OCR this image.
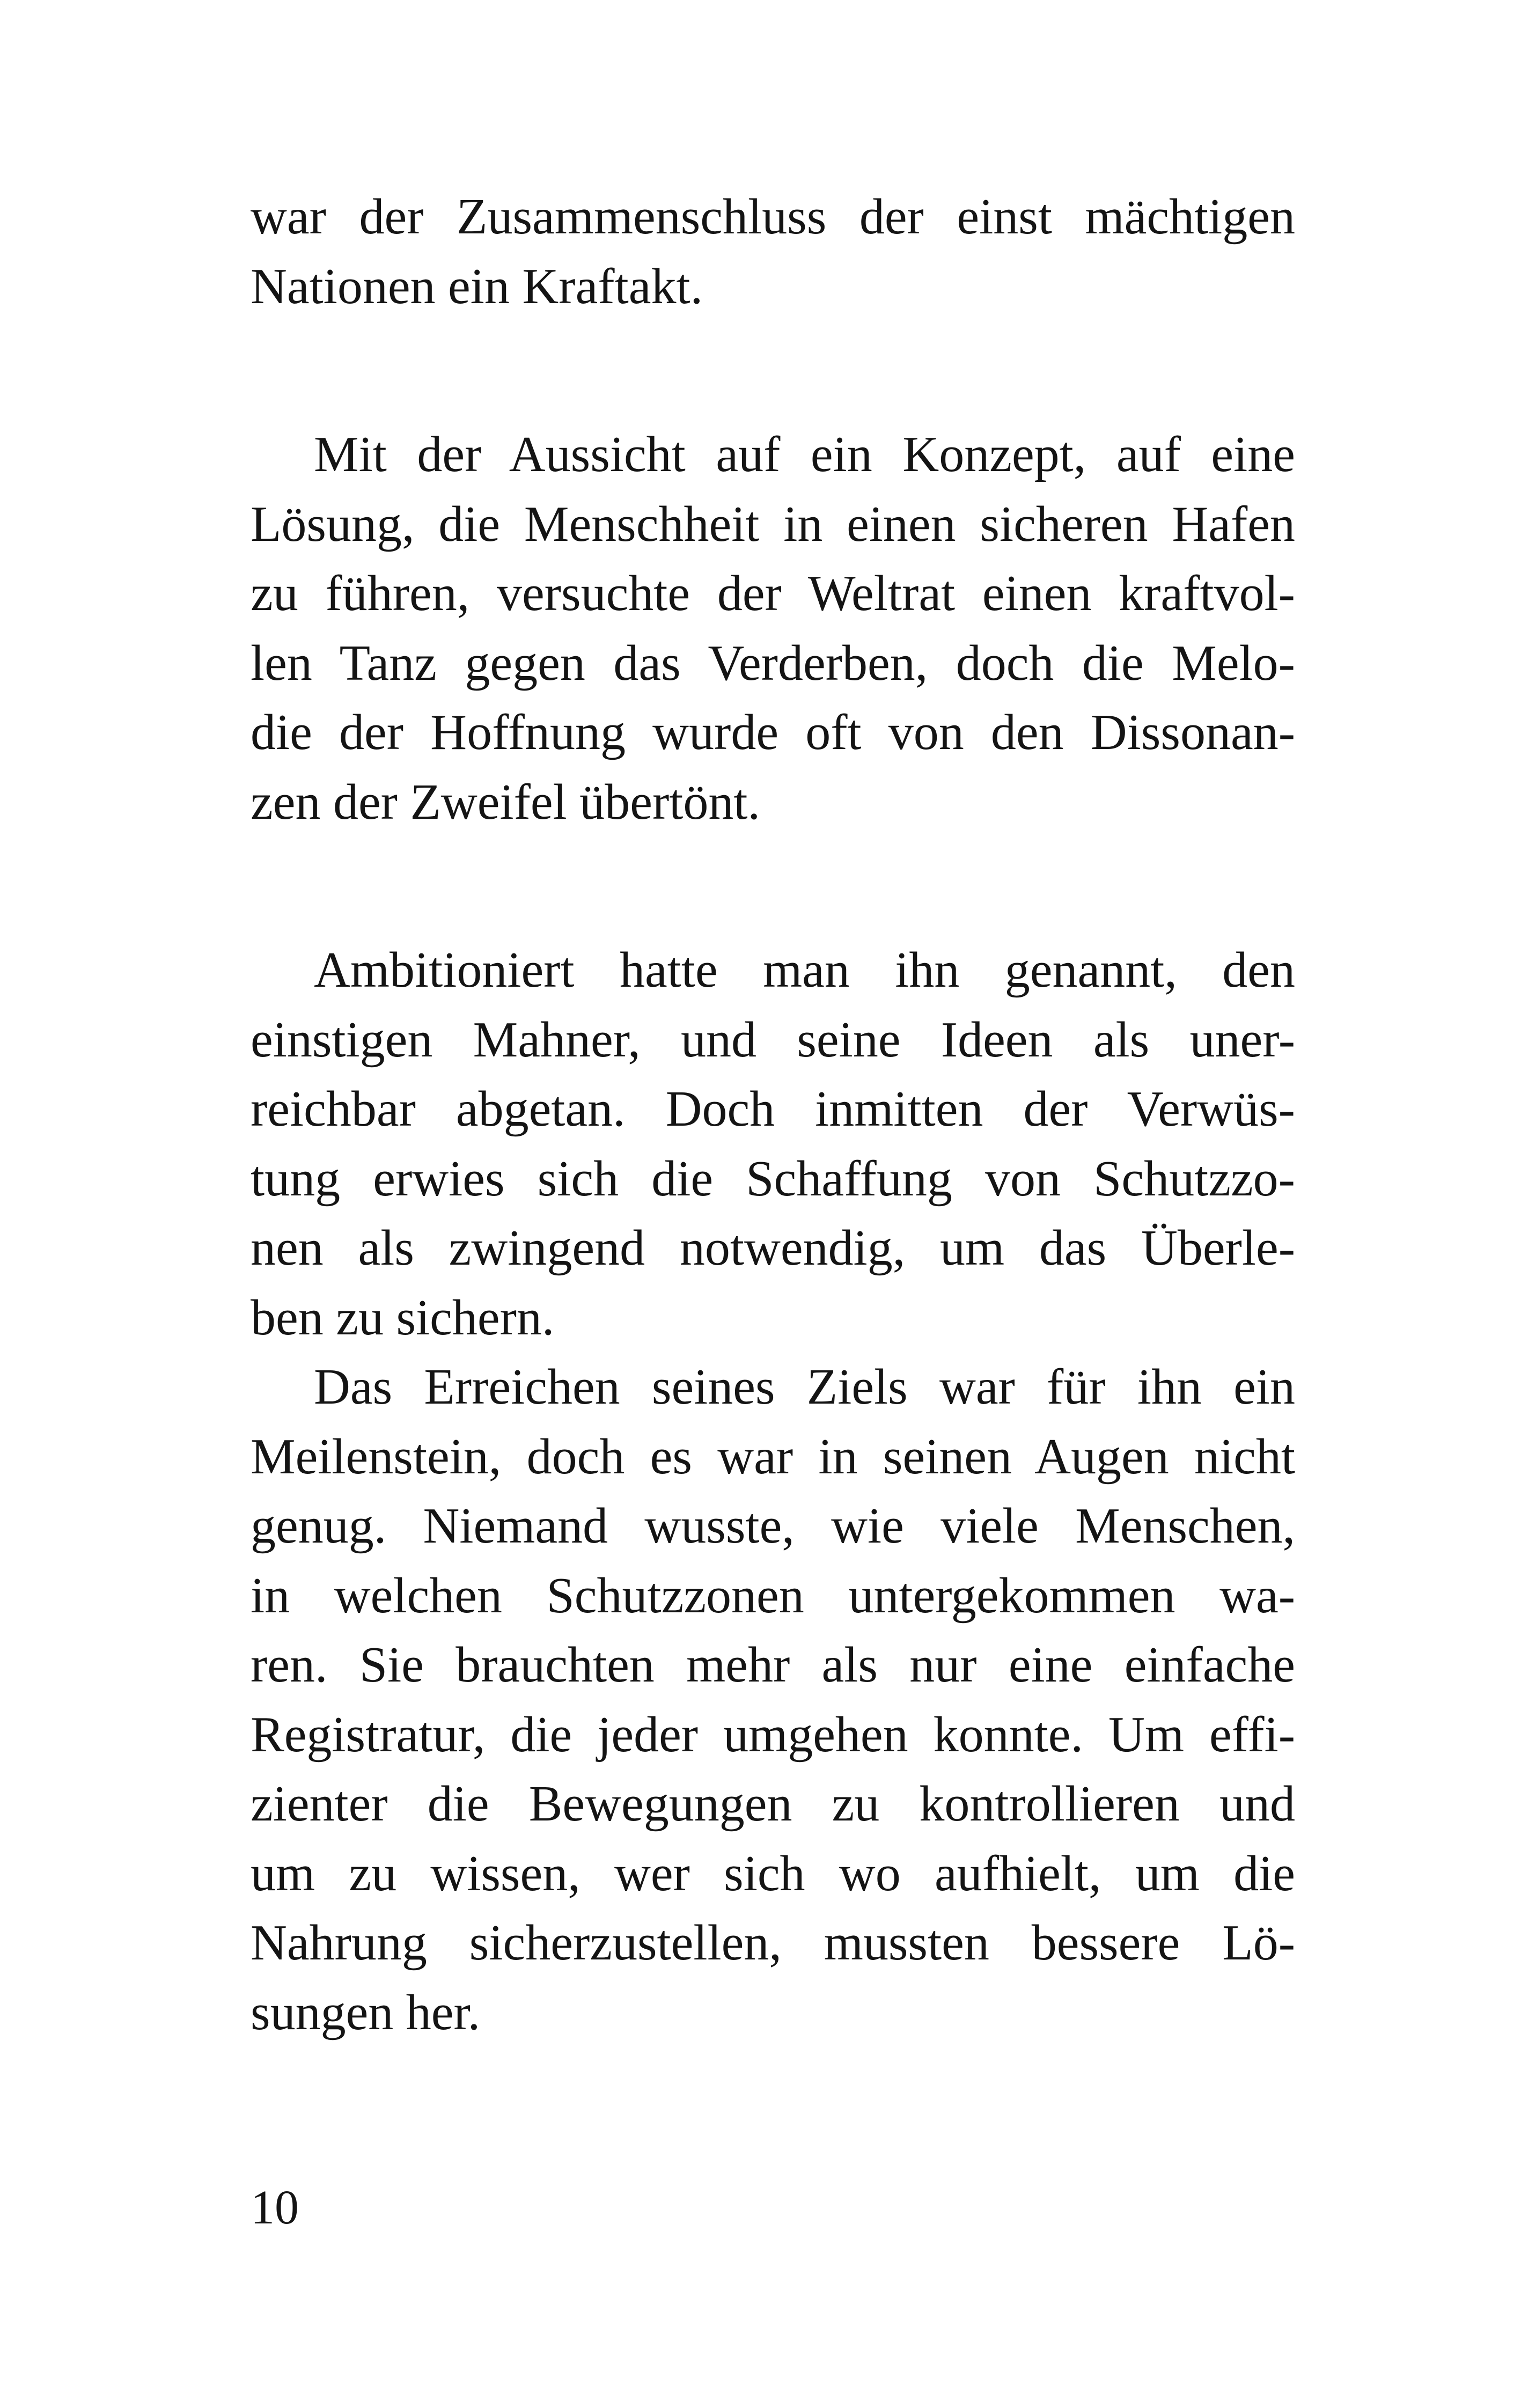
war der Zusammenschluss der einst mächtigen
Nationen ein Kraftakt.
Mit der Aussicht auf ein Konzept, auf eine
Lösung, die Menschheit in einen sicheren Hafen
zu führen, versuchte der Weltrat einen kraftvol-
len Tanz gegen das Verderben, doch die Melo-
die der Hoffnung wurde oft von den Dissonan-
zen der Zweifel übertönt.
Ambitioniert hatte man ihn genannt, den
einstigen Mahner, und seine Ideen als uner-
reichbar abgetan. Doch inmitten der Verwüs-
tung erwies sich die Schaffung von Schutzzo-
nen als zwingend notwendig, um das Überle-
ben zu sichern.
Das Erreichen seines Ziels war für ihn ein
Meilenstein, doch es war in seinen Augen nicht
genug. Niemand wusste, wie viele Menschen,
in welchen Schutzzonen untergekommen wa-
ren. Sie brauchten mehr als nur eine einfache
Registratur, die jeder umgehen konnte. Um effi-
zienter die Bewegungen zu kontrollieren und
um zu wissen, wer sich wo aufhielt, um die
Nahrung sicherzustellen, mussten bessere Lö-
sungen her.
10
